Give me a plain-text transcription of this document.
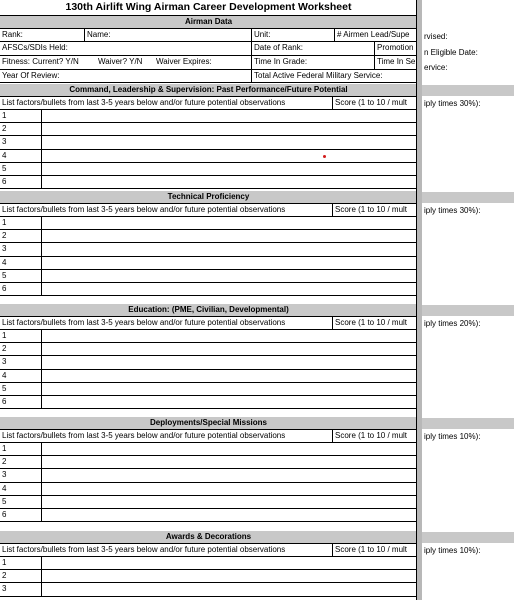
130th Airlift Wing Airman Career Development Worksheet
Airman Data
Rank:	Name:	Unit:	# Airmen Lead/Supe
AFSCs/SDIs Held:	Date of Rank:	Promotion
Fitness: Current? Y/N	Waiver? Y/N	Waiver Expires:	Time In Grade:	Time In Se
Year Of Review:	Total Active Federal Military Service:
Command, Leadership & Supervision: Past Performance/Future Potential
List factors/bullets from last 3-5 years below and/or future potential observations	Score (1 to 10 / mult
1
2
3
4
5
6
Technical Proficiency
List factors/bullets from last 3-5 years below and/or future potential observations	Score (1 to 10 / mult
1
2
3
4
5
6
Education: (PME, Civilian, Developmental)
List factors/bullets from last 3-5 years below and/or future potential observations	Score (1 to 10 / mult
1
2
3
4
5
6
Deployments/Special Missions
List factors/bullets from last 3-5 years below and/or future potential observations	Score (1 to 10 / mult
1
2
3
4
5
6
Awards & Decorations
List factors/bullets from last 3-5 years below and/or future potential observations	Score (1 to 10 / mult
1
2
3
rvised:
n Eligible Date:
ervice:
iply times 30%):
iply times 30%):
iply times 20%):
iply times 10%):
iply times 10%):
